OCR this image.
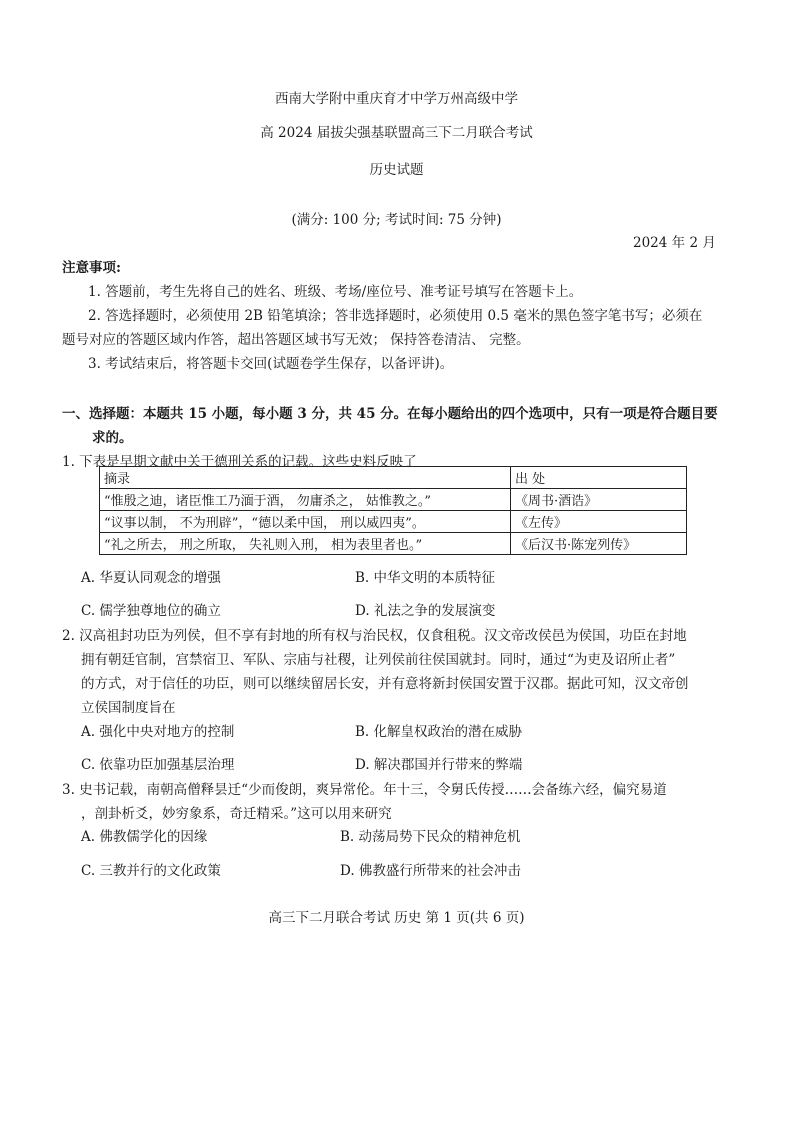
西南大学附中重庆育才中学万州高级中学
高 2024 届拔尖强基联盟高三下二月联合考试
历史试题
(满分: 100 分; 考试时间: 75 分钟)
2024 年 2 月
注意事项:
1. 答题前，考生先将自己的姓名、班级、考场/座位号、准考证号填写在答题卡上。
2. 答选择题时，必须使用 2B 铅笔填涂；答非选择题时，必须使用 0.5 毫米的黑色签字笔书写；必须在
题号对应的答题区域内作答，超出答题区域书写无效； 保持答卷清洁、 完整。
3. 考试结束后，将答题卡交回(试题卷学生保存，以备评讲)。
一、选择题：本题共 15 小题，每小题 3 分，共 45 分。在每小题给出的四个选项中，只有一项是符合题目要
求的。
1. 下表是早期文献中关于德刑关系的记载。这些史料反映了
摘录	出 处
“惟殷之迪，诸臣惟工乃湎于酒， 勿庸杀之， 姑惟教之。”	《周书·酒诰》
“议事以制， 不为刑辟”，“德以柔中国， 刑以威四夷”。	《左传》
“礼之所去， 刑之所取， 失礼则入刑， 相为表里者也。”	《后汉书·陈宠列传》
A. 华夏认同观念的增强	B. 中华文明的本质特征
C. 儒学独尊地位的确立	D. 礼法之争的发展演变
2. 汉高祖封功臣为列侯，但不享有封地的所有权与治民权，仅食租税。汉文帝改侯邑为侯国，功臣在封地
拥有朝廷官制，宫禁宿卫、军队、宗庙与社稷，让列侯前往侯国就封。同时，通过“为吏及诏所止者”
的方式，对于信任的功臣，则可以继续留居长安，并有意将新封侯国安置于汉郡。据此可知，汉文帝创
立侯国制度旨在
A. 强化中央对地方的控制	B. 化解皇权政治的潜在威胁
C. 依靠功臣加强基层治理	D. 解决郡国并行带来的弊端
3. 史书记载，南朝高僧释昙迁“少而俊朗，爽异常伦。年十三，令舅氏传授……会备练六经，偏究易道
，剖卦析爻，妙穷象系，奇迁精采。”这可以用来研究
A. 佛教儒学化的因缘	B. 动荡局势下民众的精神危机
C. 三教并行的文化政策	D. 佛教盛行所带来的社会冲击
高三下二月联合考试 历史 第 1 页(共 6 页)
